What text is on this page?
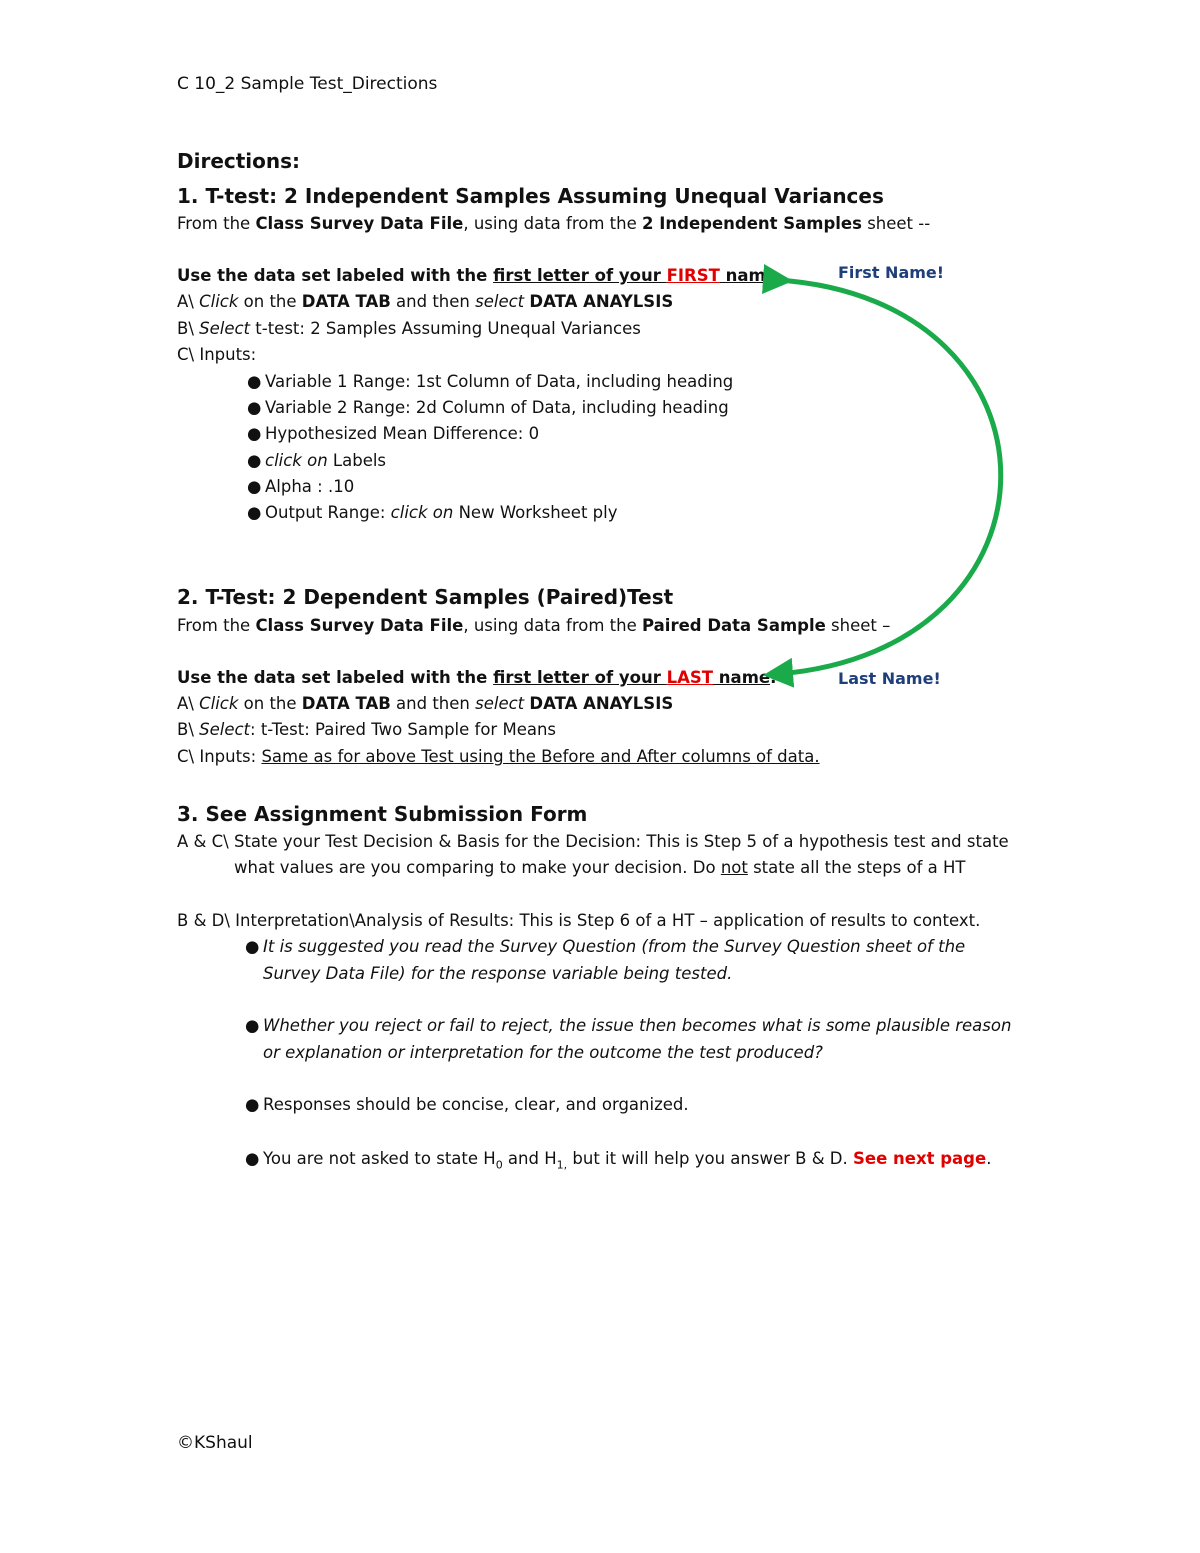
C 10_2 Sample Test_Directions
Directions:
1. T-test: 2 Independent Samples Assuming Unequal Variances
From the Class Survey Data File, using data from the 2 Independent Samples sheet --
Use the data set labeled with the first letter of your FIRST name.
A\ Click on the DATA TAB and then select DATA ANAYLSIS
B\ Select t-test: 2 Samples Assuming Unequal Variances
C\ Inputs:
● Variable 1 Range: 1st Column of Data, including heading
● Variable 2 Range: 2d Column of Data, including heading
● Hypothesized Mean Difference: 0
● click on Labels
● Alpha : .10
● Output Range: click on New Worksheet ply
2. T-Test: 2 Dependent Samples (Paired)Test
From the Class Survey Data File, using data from the Paired Data Sample sheet –
Use the data set labeled with the first letter of your LAST name.
A\ Click on the DATA TAB and then select DATA ANAYLSIS
B\ Select: t-Test: Paired Two Sample for Means
C\ Inputs: Same as for above Test using the Before and After columns of data.
3. See Assignment Submission Form
A & C\ State your Test Decision & Basis for the Decision: This is Step 5 of a hypothesis test and state
what values are you comparing to make your decision. Do not state all the steps of a HT
B & D\ Interpretation\Analysis of Results: This is Step 6 of a HT – application of results to context.
● It is suggested you read the Survey Question (from the Survey Question sheet of the
Survey Data File) for the response variable being tested.
● Whether you reject or fail to reject, the issue then becomes what is some plausible reason
or explanation or interpretation for the outcome the test produced?
● Responses should be concise, clear, and organized.
● You are not asked to state $H_0$ and $H_{1,}$ but it will help you answer B & D. See next page.
First Name!
Last Name!
©KShaul
